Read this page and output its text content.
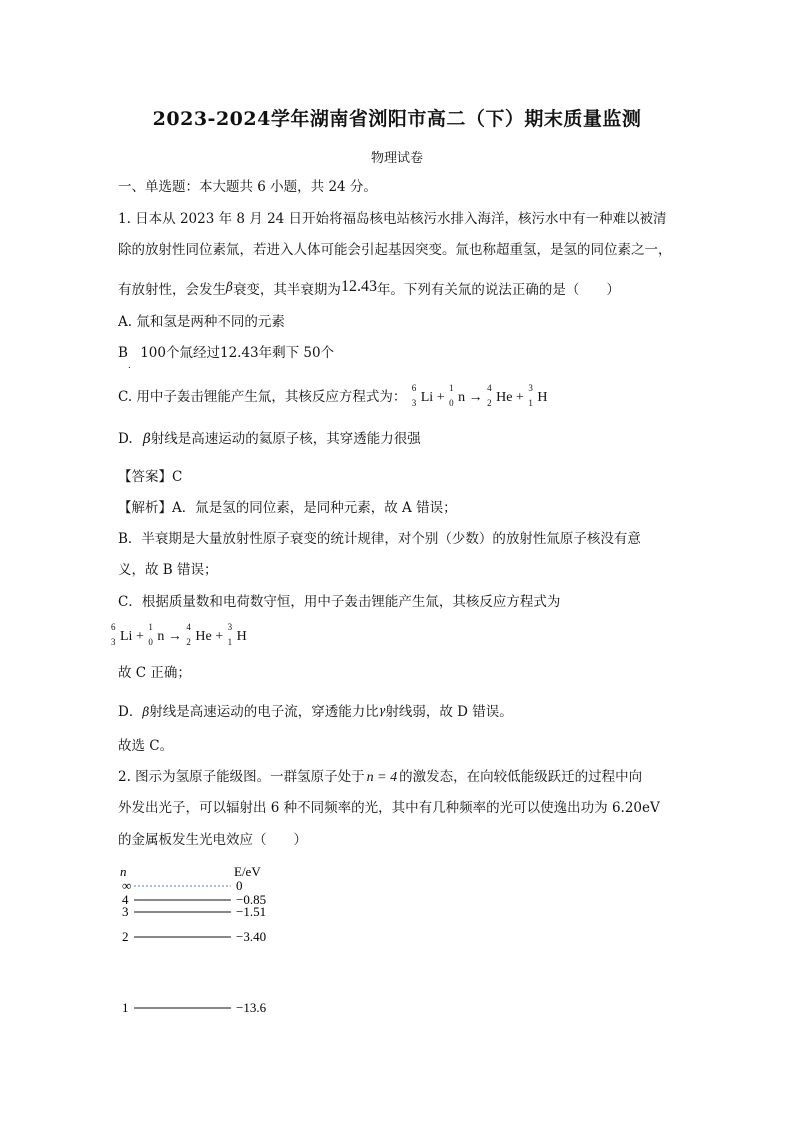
2023-2024学年湖南省浏阳市高二（下）期末质量监测
物理试卷
一、单选题：本大题共 6 小题，共 24 分。
1. 日本从 2023 年 8 月 24 日开始将福岛核电站核污水排入海洋，核污水中有一种难以被清
除的放射性同位素氚，若进入人体可能会引起基因突变。氚也称超重氢，是氢的同位素之一，
有放射性，会发生β衰变，其半衰期为12.43年。下列有关氚的说法正确的是（　　）
A. 氚和氢是两种不同的元素
B 100个氚经过12.43年剩下 50个
.
C. 用中子轰击锂能产生氚，其核反应方程式为：
6
3 Li +
1
0 n →
4
2 He +
3
1 H
D. β射线是高速运动的氦原子核，其穿透能力很强
【答案】C
【解析】A．氚是氢的同位素，是同种元素，故 A 错误；
B．半衰期是大量放射性原子衰变的统计规律，对个别（少数）的放射性氚原子核没有意
义，故 B 错误；
C．根据质量数和电荷数守恒，用中子轰击锂能产生氚，其核反应方程式为
6
3 Li +
1
0 n →
4
2 He +
3
1 H
故 C 正确；
D．β射线是高速运动的电子流，穿透能力比γ射线弱，故 D 错误。
故选 C。
2. 图示为氢原子能级图。一群氢原子处于 n = 4 的激发态，在向较低能级跃迁的过程中向
外发出光子，可以辐射出 6 种不同频率的光，其中有几种频率的光可以使逸出功为 6.20eV
的金属板发生光电效应（　　）
n	E/eV
∞	0
4	−0.85
3	−1.51
2	−3.40
1	−13.6
